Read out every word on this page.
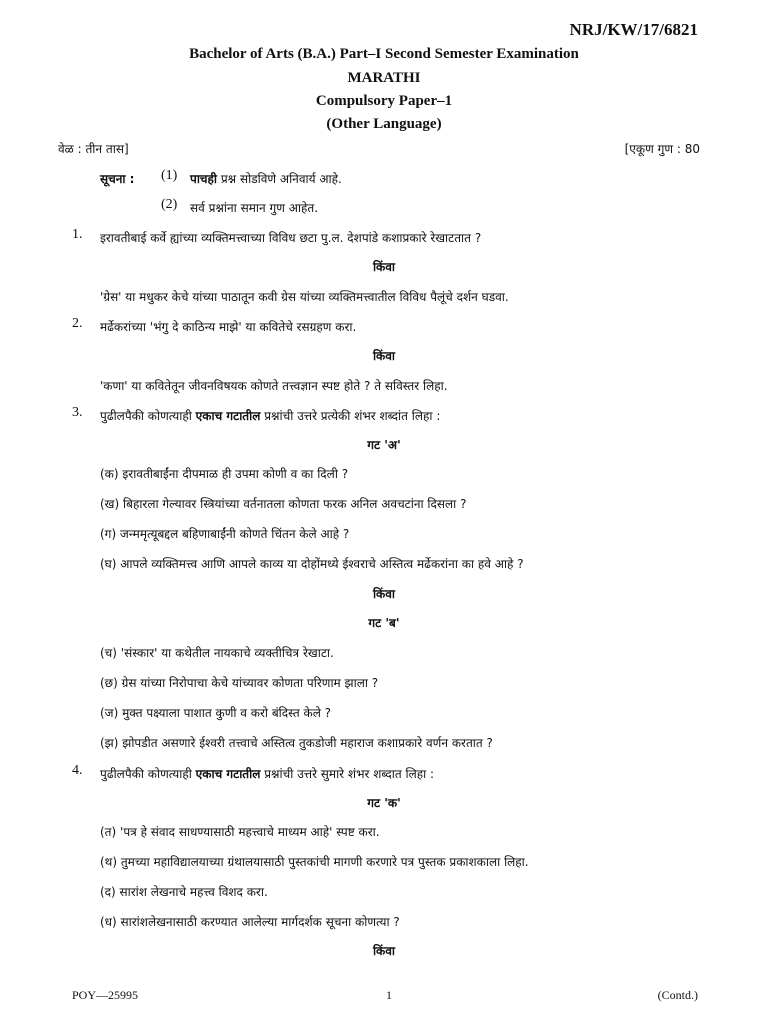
NRJ/KW/17/6821
Bachelor of Arts (B.A.) Part–I Second Semester Examination
MARATHI
Compulsory Paper–1
(Other Language)
वेळ : तीन तास]	[एकूण गुण : 80
सूचना : (1) पाचही प्रश्न सोडविणे अनिवार्य आहे.
(2) सर्व प्रश्नांना समान गुण आहेत.
1. इरावतीबाई कर्वे ह्यांच्या व्यक्तिमत्त्वाच्या विविध छटा पु.ल. देशपांडे कशाप्रकारे रेखाटतात ?
किंवा
'ग्रेस' या मधुकर केचे यांच्या पाठातून कवी ग्रेस यांच्या व्यक्तिमत्त्वातील विविध पैलूंचे दर्शन घडवा.
2. मर्ढेकरांच्या 'भंगु दे काठिन्य माझे' या कवितेचे रसग्रहण करा.
किंवा
'कणा' या कवितेतून जीवनविषयक कोणते तत्त्वज्ञान स्पष्ट होते ? ते सविस्तर लिहा.
3. पुढीलपैकी कोणत्याही एकाच गटातील प्रश्नांची उत्तरे प्रत्येकी शंभर शब्दांत लिहा :
गट 'अ'
(क) इरावतीबाईंना दीपमाळ ही उपमा कोणी व का दिली ?
(ख) बिहारला गेल्यावर स्त्रियांच्या वर्तनातला कोणता फरक अनिल अवचटांना दिसला ?
(ग) जन्ममृत्यूबद्दल बहिणाबाईंनी कोणते चिंतन केले आहे ?
(घ) आपले व्यक्तिमत्त्व आणि आपले काव्य या दोहोंमध्ये ईश्वराचे अस्तित्व मर्ढेकरांना का हवे आहे ?
किंवा
गट 'ब'
(च) 'संस्कार' या कथेतील नायकाचे व्यक्तीचित्र रेखाटा.
(छ) ग्रेस यांच्या निरोपाचा केचे यांच्यावर कोणता परिणाम झाला ?
(ज) मुक्त पक्ष्याला पाशात कुणी व करो बंदिस्त केले ?
(झ) झोपडीत असणारे ईश्वरी तत्त्वाचे अस्तित्व तुकडोजी महाराज कशाप्रकारे वर्णन करतात ?
4. पुढीलपैकी कोणत्याही एकाच गटातील प्रश्नांची उत्तरे सुमारे शंभर शब्दात लिहा :
गट 'क'
(त) 'पत्र हे संवाद साधण्यासाठी महत्त्वाचे माध्यम आहे' स्पष्ट करा.
(थ) तुमच्या महाविद्यालयाच्या ग्रंथालयासाठी पुस्तकांची मागणी करणारे पत्र पुस्तक प्रकाशकाला लिहा.
(द) सारांश लेखनाचे महत्त्व विशद करा.
(ध) सारांशलेखनासाठी करण्यात आलेल्या मार्गदर्शक सूचना कोणत्या ?
किंवा
POY—25995	1	(Contd.)
